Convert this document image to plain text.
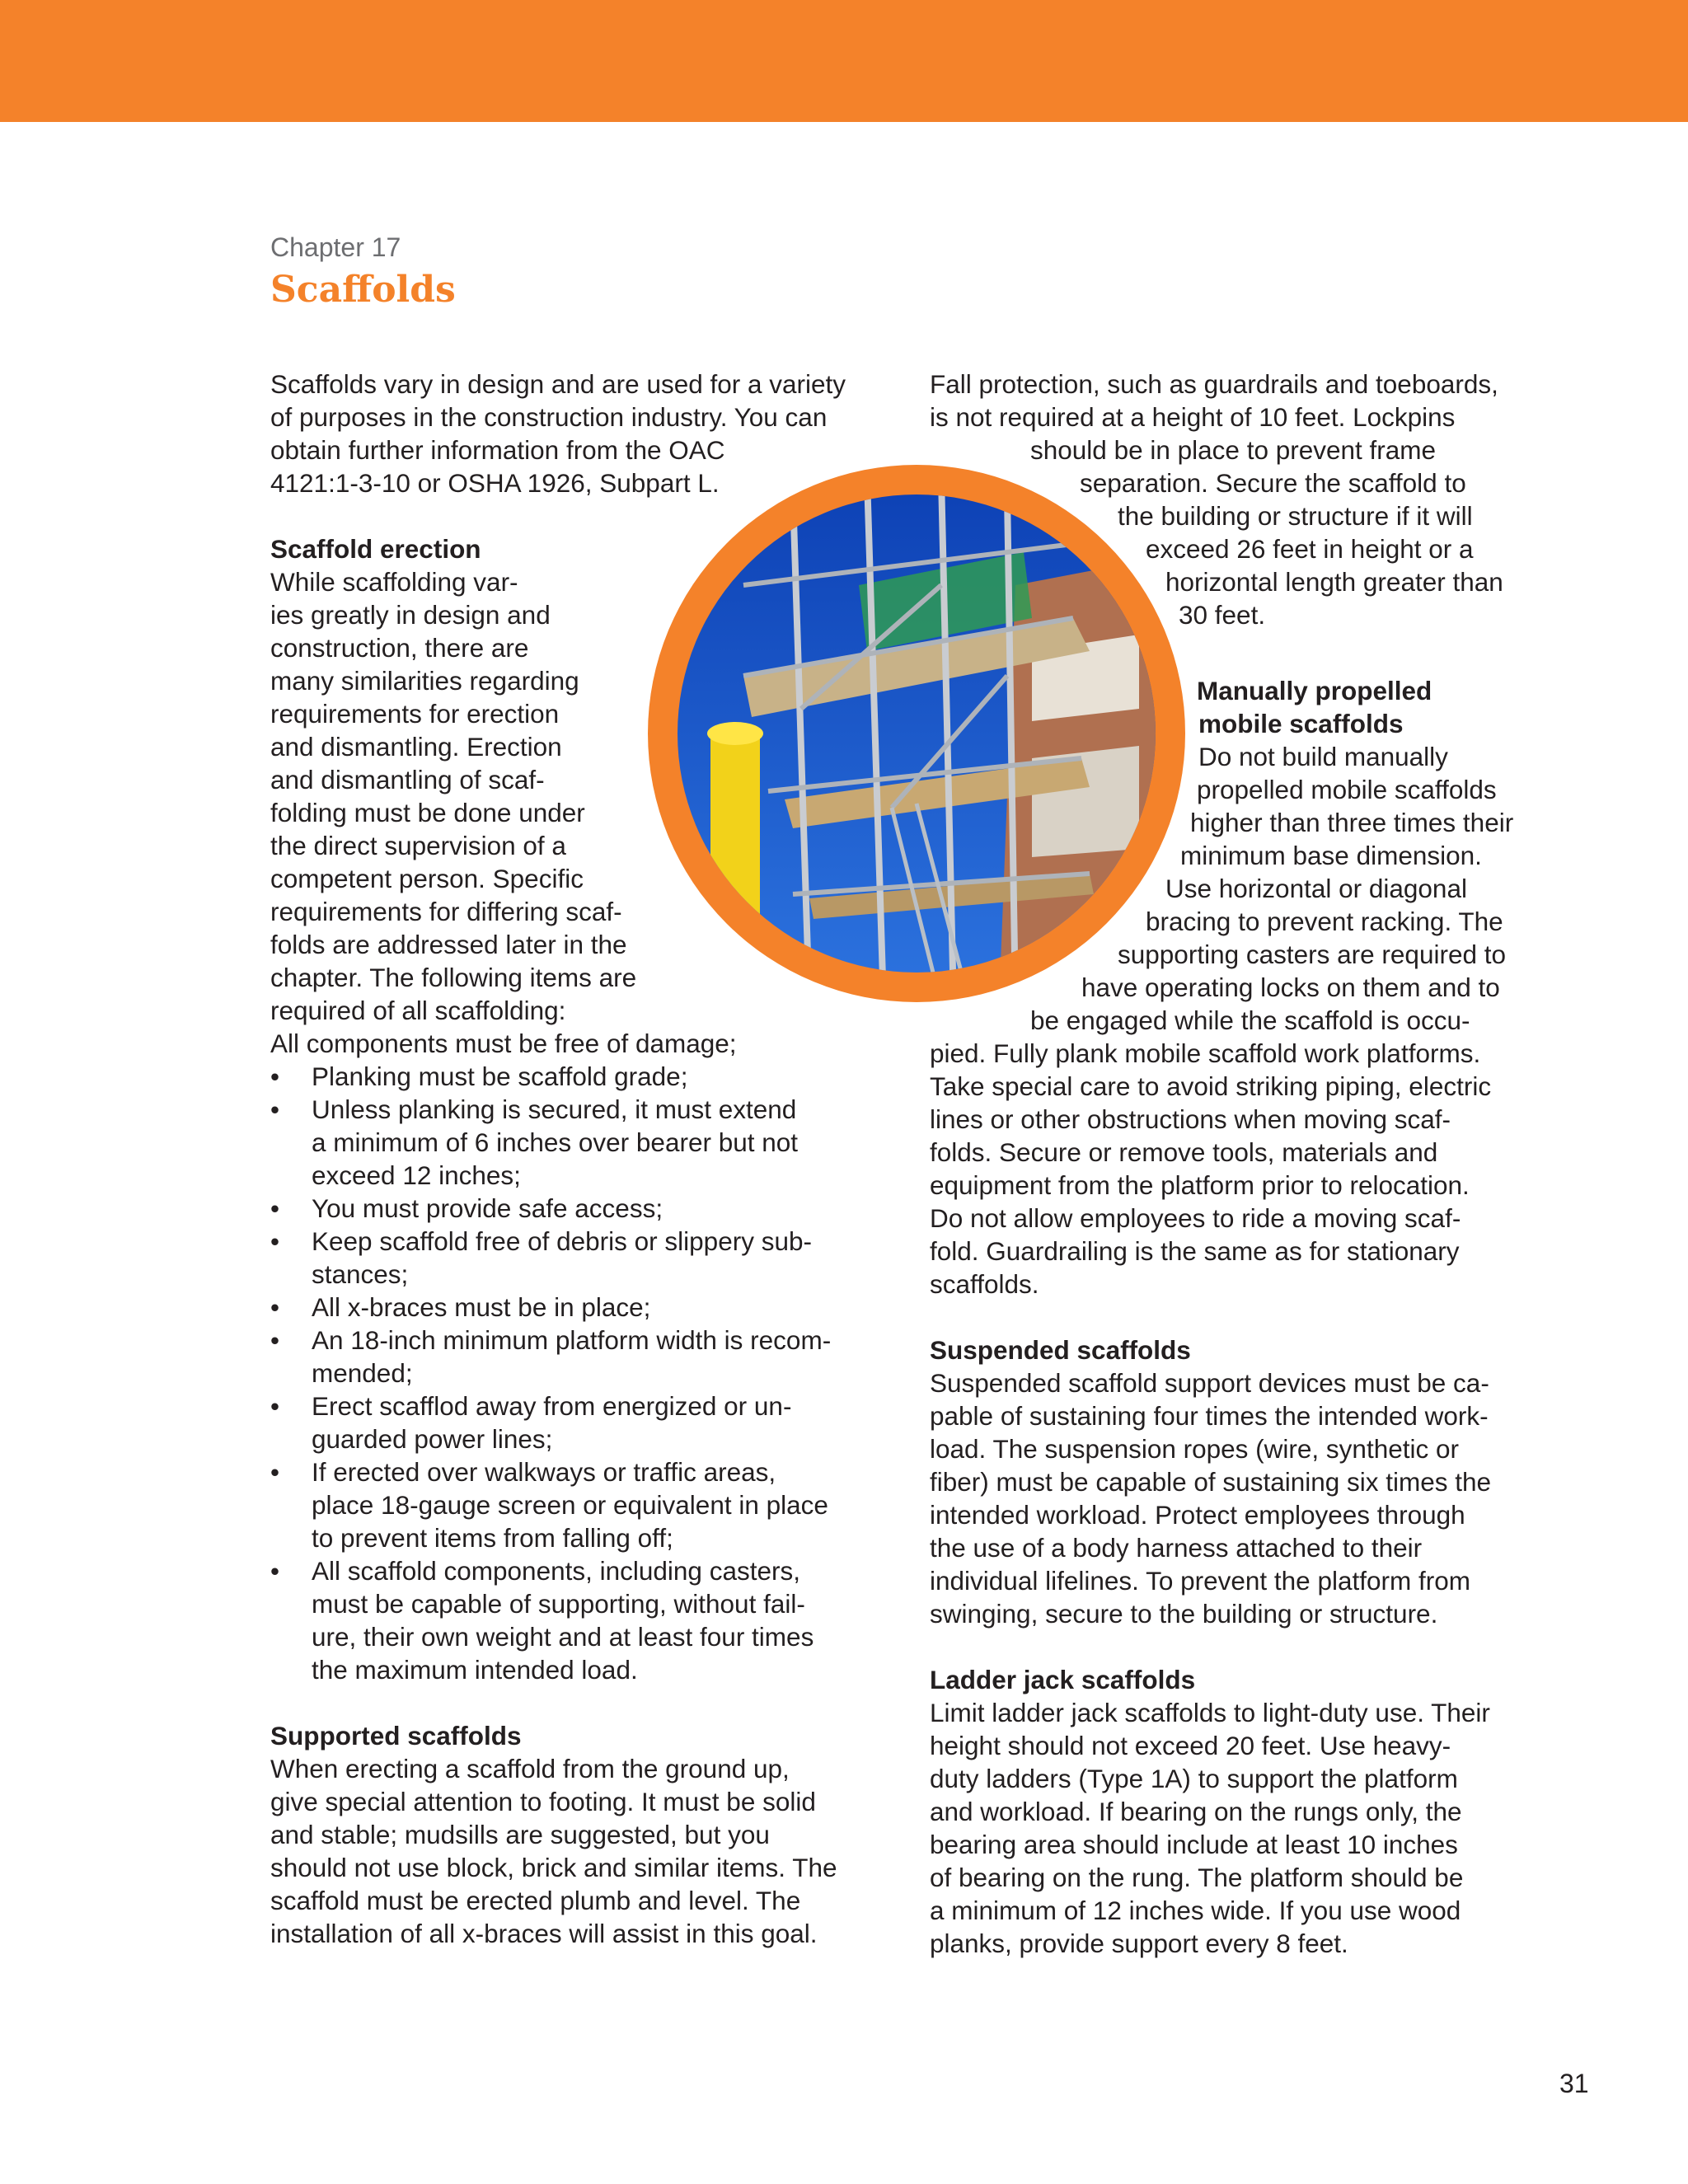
Chapter 17
Scaffolds
Scaffolds vary in design and are used for a variety
of purposes in the construction industry. You can
obtain further information from the OAC
4121:1-3-10 or OSHA 1926, Subpart L.
Scaffold erection
While scaffolding var-
ies greatly in design and
construction, there are
many similarities regarding
requirements for erection
and dismantling. Erection
and dismantling of scaf-
folding must be done under
the direct supervision of a
competent person. Specific
requirements for differing scaf-
folds are addressed later in the
chapter. The following items are
required of all scaffolding:
All components must be free of damage;
• Planking must be scaffold grade;
• Unless planking is secured, it must extend
a minimum of 6 inches over bearer but not
exceed 12 inches;
• You must provide safe access;
• Keep scaffold free of debris or slippery sub-
stances;
• All x-braces must be in place;
• An 18-inch minimum platform width is recom-
mended;
• Erect scafflod away from energized or un-
guarded power lines;
• If erected over walkways or traffic areas,
place 18-gauge screen or equivalent in place
to prevent items from falling off;
• All scaffold components, including casters,
must be capable of supporting, without fail-
ure, their own weight and at least four times
the maximum intended load.
Supported scaffolds
When erecting a scaffold from the ground up,
give special attention to footing. It must be solid
and stable; mudsills are suggested, but you
should not use block, brick and similar items. The
scaffold must be erected plumb and level. The
installation of all x-braces will assist in this goal.
Fall protection, such as guardrails and toeboards,
is not required at a height of 10 feet. Lockpins
should be in place to prevent frame
separation. Secure the scaffold to
the building or structure if it will
exceed 26 feet in height or a
horizontal length greater than
30 feet.
Manually propelled
mobile scaffolds
Do not build manually
propelled mobile scaffolds
higher than three times their
minimum base dimension.
Use horizontal or diagonal
bracing to prevent racking. The
supporting casters are required to
have operating locks on them and to
be engaged while the scaffold is occu-
pied. Fully plank mobile scaffold work platforms.
Take special care to avoid striking piping, electric
lines or other obstructions when moving scaf-
folds. Secure or remove tools, materials and
equipment from the platform prior to relocation.
Do not allow employees to ride a moving scaf-
fold. Guardrailing is the same as for stationary
scaffolds.
Suspended scaffolds
Suspended scaffold support devices must be ca-
pable of sustaining four times the intended work-
load. The suspension ropes (wire, synthetic or
fiber) must be capable of sustaining six times the
intended workload. Protect employees through
the use of a body harness attached to their
individual lifelines. To prevent the platform from
swinging, secure to the building or structure.
Ladder jack scaffolds
Limit ladder jack scaffolds to light-duty use. Their
height should not exceed 20 feet. Use heavy-
duty ladders (Type 1A) to support the platform
and workload. If bearing on the rungs only, the
bearing area should include at least 10 inches
of bearing on the rung. The platform should be
a minimum of 12 inches wide. If you use wood
planks, provide support every 8 feet.
31
